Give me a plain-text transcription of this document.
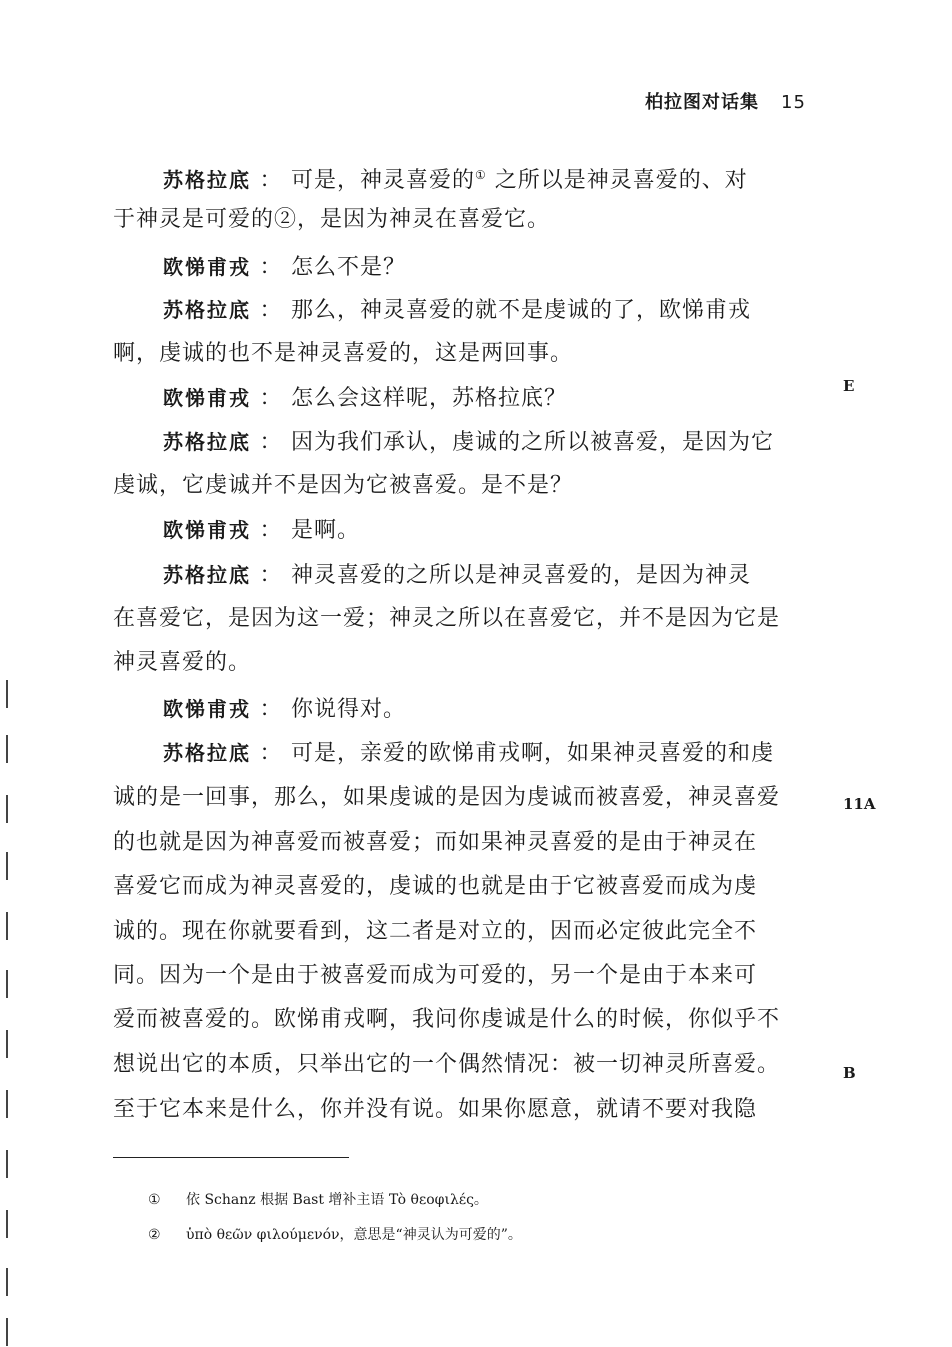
柏拉图对话集 15
苏格拉底 ： 可是，神灵喜爱的① 之所以是神灵喜爱的、对
于神灵是可爱的②，是因为神灵在喜爱它。
欧悌甫戎 ： 怎么不是？
苏格拉底 ： 那么，神灵喜爱的就不是虔诚的了，欧悌甫戎
啊，虔诚的也不是神灵喜爱的，这是两回事。
欧悌甫戎 ： 怎么会这样呢，苏格拉底？
苏格拉底 ： 因为我们承认，虔诚的之所以被喜爱，是因为它
虔诚，它虔诚并不是因为它被喜爱。是不是？
欧悌甫戎 ： 是啊。
苏格拉底 ： 神灵喜爱的之所以是神灵喜爱的，是因为神灵
在喜爱它，是因为这一爱；神灵之所以在喜爱它，并不是因为它是
神灵喜爱的。
欧悌甫戎 ： 你说得对。
苏格拉底 ： 可是，亲爱的欧悌甫戎啊，如果神灵喜爱的和虔
诚的是一回事，那么，如果虔诚的是因为虔诚而被喜爱，神灵喜爱
的也就是因为神喜爱而被喜爱；而如果神灵喜爱的是由于神灵在
喜爱它而成为神灵喜爱的，虔诚的也就是由于它被喜爱而成为虔
诚的。现在你就要看到，这二者是对立的，因而必定彼此完全不
同。因为一个是由于被喜爱而成为可爱的，另一个是由于本来可
爱而被喜爱的。欧悌甫戎啊，我问你虔诚是什么的时候，你似乎不
想说出它的本质，只举出它的一个偶然情况：被一切神灵所喜爱。
至于它本来是什么，你并没有说。如果你愿意，就请不要对我隐
E
11A
B
① 依 Schanz 根据 Bast 增补主语 Tò θεοφιλές。
② ὑπὸ θεῶν φιλούμενόν，意思是“神灵认为可爱的”。
